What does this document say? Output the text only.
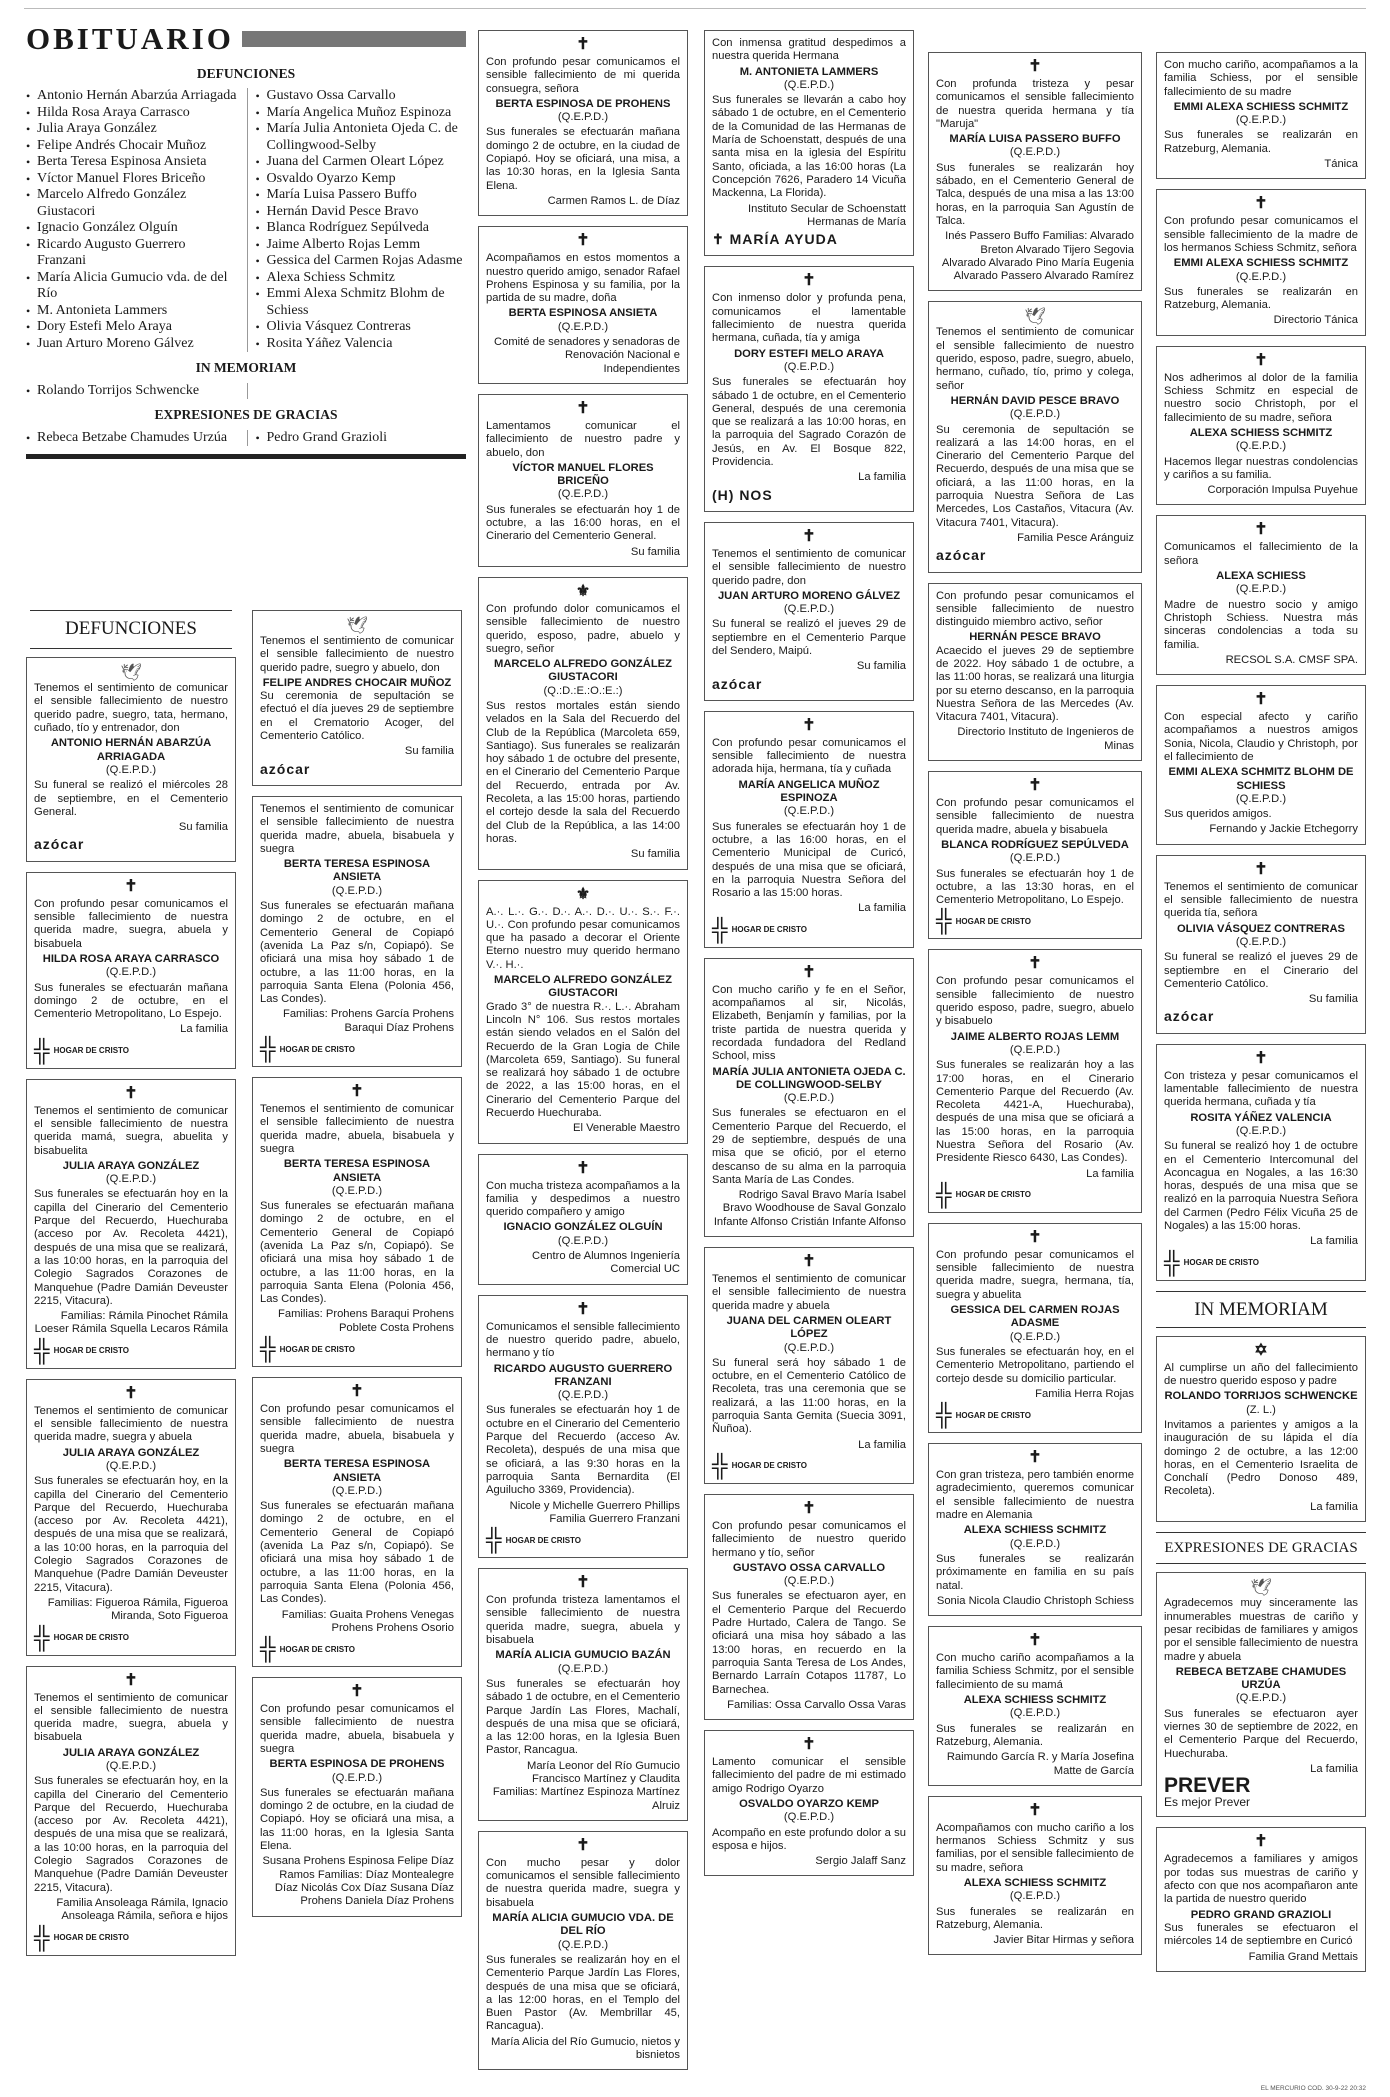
OBITUARIO
DEFUNCIONES
• Antonio Hernán Abarzúa Arriagada
• Hilda Rosa Araya Carrasco
• Julia Araya González
• Felipe Andrés Chocair Muñoz
• Berta Teresa Espinosa Ansieta
• Víctor Manuel Flores Briceño
• Marcelo Alfredo González Giustacori
• Ignacio González Olguín
• Ricardo Augusto Guerrero Franzani
• María Alicia Gumucio vda. de del Río
• M. Antonieta Lammers
• Dory Estefi Melo Araya
• Juan Arturo Moreno Gálvez
• Gustavo Ossa Carvallo
• María Angelica Muñoz Espinoza
• María Julia Antonieta Ojeda C. de Collingwood-Selby
• Juana del Carmen Oleart López
• Osvaldo Oyarzo Kemp
• María Luisa Passero Buffo
• Hernán David Pesce Bravo
• Blanca Rodríguez Sepúlveda
• Jaime Alberto Rojas Lemm
• Gessica del Carmen Rojas Adasme
• Alexa Schiess Schmitz
• Emmi Alexa Schmitz Blohm de Schiess
• Olivia Vásquez Contreras
• Rosita Yáñez Valencia
IN MEMORIAM
• Rolando Torrijos Schwencke
EXPRESIONES DE GRACIAS
• Rebeca Betzabe Chamudes Urzúa
•	Pedro Grand Grazioli
DEFUNCIONES
🕊
Tenemos el sentimiento de comunicar el sensible fallecimiento de nuestro querido padre, suegro, tata, hermano, cuñado, tío y entrenador, don
ANTONIO HERNÁN ABARZÚA ARRIAGADA
(Q.E.P.D.)
Su funeral se realizó el miércoles 28 de septiembre, en el Cementerio General.
Su familia
azócar
✝
Con profundo pesar comunicamos el sensible fallecimiento de nuestra querida madre, suegra, abuela y bisabuela
HILDA ROSA ARAYA CARRASCO
(Q.E.P.D.)
Sus funerales se efectuarán mañana domingo 2 de octubre, en el Cementerio Metropolitano, Lo Espejo.
La familia
╬ HOGAR DE CRISTO
✝
Tenemos el sentimiento de comunicar el sensible fallecimiento de nuestra querida mamá, suegra, abuelita y bisabuelita
JULIA ARAYA GONZÁLEZ
(Q.E.P.D.)
Sus funerales se efectuarán hoy en la capilla del Cinerario del Cementerio Parque del Recuerdo, Huechuraba (acceso por Av. Recoleta 4421), después de una misa que se realizará, a las 10:00 horas, en la parroquia del Colegio Sagrados Corazones de Manquehue (Padre Damián Deveuster 2215, Vitacura).
Familias: Rámila Pinochet Rámila Loeser Rámila Squella Lecaros Rámila
╬ HOGAR DE CRISTO
✝
Tenemos el sentimiento de comunicar el sensible fallecimiento de nuestra querida madre, suegra y abuela
JULIA ARAYA GONZÁLEZ
(Q.E.P.D.)
Sus funerales se efectuarán hoy, en la capilla del Cinerario del Cementerio Parque del Recuerdo, Huechuraba (acceso por Av. Recoleta 4421), después de una misa que se realizará, a las 10:00 horas, en la parroquia del Colegio Sagrados Corazones de Manquehue (Padre Damián Deveuster 2215, Vitacura).
Familias: Figueroa Rámila, Figueroa Miranda, Soto Figueroa
╬ HOGAR DE CRISTO
✝
Tenemos el sentimiento de comunicar el sensible fallecimiento de nuestra querida madre, suegra, abuela y bisabuela
JULIA ARAYA GONZÁLEZ
(Q.E.P.D.)
Sus funerales se efectuarán hoy, en la capilla del Cinerario del Cementerio Parque del Recuerdo, Huechuraba (acceso por Av. Recoleta 4421), después de una misa que se realizará, a las 10:00 horas, en la parroquia del Colegio Sagrados Corazones de Manquehue (Padre Damián Deveuster 2215, Vitacura).
Familia Ansoleaga Rámila, Ignacio Ansoleaga Rámila, señora e hijos
╬ HOGAR DE CRISTO
🕊
Tenemos el sentimiento de comunicar el sensible fallecimiento de nuestro querido padre, suegro y abuelo, don
FELIPE ANDRES CHOCAIR MUÑOZ
Su ceremonia de sepultación se efectuó el día jueves 29 de septiembre en el Crematorio Acoger, del Cementerio Católico.
Su familia
azócar
Tenemos el sentimiento de comunicar el sensible fallecimiento de nuestra querida madre, abuela, bisabuela y suegra
BERTA TERESA ESPINOSA ANSIETA
(Q.E.P.D.)
Sus funerales se efectuarán mañana domingo 2 de octubre, en el Cementerio General de Copiapó (avenida La Paz s/n, Copiapó). Se oficiará una misa hoy sábado 1 de octubre, a las 11:00 horas, en la parroquia Santa Elena (Polonia 456, Las Condes).
Familias: Prohens García Prohens Baraqui Díaz Prohens
╬ HOGAR DE CRISTO
✝
Tenemos el sentimiento de comunicar el sensible fallecimiento de nuestra querida madre, abuela, bisabuela y suegra
BERTA TERESA ESPINOSA ANSIETA
(Q.E.P.D.)
Sus funerales se efectuarán mañana domingo 2 de octubre, en el Cementerio General de Copiapó (avenida La Paz s/n, Copiapó). Se oficiará una misa hoy sábado 1 de octubre, a las 11:00 horas, en la parroquia Santa Elena (Polonia 456, Las Condes).
Familias: Prohens Baraqui Prohens Poblete Costa Prohens
╬ HOGAR DE CRISTO
✝
Con profundo pesar comunicamos el sensible fallecimiento de nuestra querida madre, abuela, bisabuela y suegra
BERTA TERESA ESPINOSA ANSIETA
(Q.E.P.D.)
Sus funerales se efectuarán mañana domingo 2 de octubre, en el Cementerio General de Copiapó (avenida La Paz s/n, Copiapó). Se oficiará una misa hoy sábado 1 de octubre, a las 11:00 horas, en la parroquia Santa Elena (Polonia 456, Las Condes).
Familias: Guaita Prohens Venegas Prohens Prohens Osorio
╬ HOGAR DE CRISTO
✝
Con profundo pesar comunicamos el sensible fallecimiento de nuestra querida madre, abuela, bisabuela y suegra
BERTA ESPINOSA DE PROHENS
(Q.E.P.D.)
Sus funerales se efectuarán mañana domingo 2 de octubre, en la ciudad de Copiapó. Hoy se oficiará una misa, a las 11:00 horas, en la Iglesia Santa Elena.
Susana Prohens Espinosa Felipe Díaz Ramos Familias: Díaz Montealegre Díaz Nicolás Cox Díaz Susana Díaz Prohens Daniela Díaz Prohens
✝
Con profundo pesar comunicamos el sensible fallecimiento de mi querida consuegra, señora
BERTA ESPINOSA DE PROHENS
(Q.E.P.D.)
Sus funerales se efectuarán mañana domingo 2 de octubre, en la ciudad de Copiapó. Hoy se oficiará, una misa, a las 10:30 horas, en la Iglesia Santa Elena.
Carmen Ramos L. de Díaz
✝
Acompañamos en estos momentos a nuestro querido amigo, senador Rafael Prohens Espinosa y su familia, por la partida de su madre, doña
BERTA ESPINOSA ANSIETA
(Q.E.P.D.)
Comité de senadores y senadoras de Renovación Nacional e Independientes
✝
Lamentamos comunicar el fallecimiento de nuestro padre y abuelo, don
VÍCTOR MANUEL FLORES BRICEÑO
(Q.E.P.D.)
Sus funerales se efectuarán hoy 1 de octubre, a las 16:00 horas, en el Cinerario del Cementerio General.
Su familia
⚜
Con profundo dolor comunicamos el sensible fallecimiento de nuestro querido, esposo, padre, abuelo y suegro, señor
MARCELO ALFREDO GONZÁLEZ GIUSTACORI
(Q.:D.:E.:O.:E.:)
Sus restos mortales están siendo velados en la Sala del Recuerdo del Club de la República (Marcoleta 659, Santiago). Sus funerales se realizarán hoy sábado 1 de octubre del presente, en el Cinerario del Cementerio Parque del Recuerdo, entrada por Av. Recoleta, a las 15:00 horas, partiendo el cortejo desde la sala del Recuerdo del Club de la República, a las 14:00 horas.
Su familia
⚜
A.·. L.·. G.·. D.·. A.·. D.·. U.·. S.·. F.·. U.·. Con profundo pesar comunicamos que ha pasado a decorar el Oriente Eterno nuestro muy querido hermano V.·. H.·.
MARCELO ALFREDO GONZÁLEZ GIUSTACORI
Grado 3° de nuestra R.·. L.·. Abraham Lincoln N° 106. Sus restos mortales están siendo velados en el Salón del Recuerdo de la Gran Logia de Chile (Marcoleta 659, Santiago). Su funeral se realizará hoy sábado 1 de octubre de 2022, a las 15:00 horas, en el Cinerario del Cementerio Parque del Recuerdo Huechuraba.
El Venerable Maestro
✝
Con mucha tristeza acompañamos a la familia y despedimos a nuestro querido compañero y amigo
IGNACIO GONZÁLEZ OLGUÍN
(Q.E.P.D.)
Centro de Alumnos Ingeniería Comercial UC
✝
Comunicamos el sensible fallecimiento de nuestro querido padre, abuelo, hermano y tío
RICARDO AUGUSTO GUERRERO FRANZANI
(Q.E.P.D.)
Sus funerales se efectuarán hoy 1 de octubre en el Cinerario del Cementerio Parque del Recuerdo (acceso Av. Recoleta), después de una misa que se oficiará, a las 9:30 horas en la parroquia Santa Bernardita (El Aguilucho 3369, Providencia).
Nicole y Michelle Guerrero Phillips Familia Guerrero Franzani
╬ HOGAR DE CRISTO
✝
Con profunda tristeza lamentamos el sensible fallecimiento de nuestra querida madre, suegra, abuela y bisabuela
MARÍA ALICIA GUMUCIO BAZÁN
(Q.E.P.D.)
Sus funerales se efectuarán hoy sábado 1 de octubre, en el Cementerio Parque Jardín Las Flores, Machalí, después de una misa que se oficiará, a las 12:00 horas, en la Iglesia Buen Pastor, Rancagua.
María Leonor del Río Gumucio Francisco Martínez y Claudita Familias: Martínez Espinoza Martínez Alruiz
✝
Con mucho pesar y dolor comunicamos el sensible fallecimiento de nuestra querida madre, suegra y bisabuela
MARÍA ALICIA GUMUCIO VDA. DE DEL RÍO
(Q.E.P.D.)
Sus funerales se realizarán hoy en el Cementerio Parque Jardín Las Flores, después de una misa que se oficiará, a las 12:00 horas, en el Templo del Buen Pastor (Av. Membrillar 45, Rancagua).
María Alicia del Río Gumucio, nietos y bisnietos
Con inmensa gratitud despedimos a nuestra querida Hermana
M. ANTONIETA LAMMERS
(Q.E.P.D.)
Sus funerales se llevarán a cabo hoy sábado 1 de octubre, en el Cementerio de la Comunidad de las Hermanas de María de Schoenstatt, después de una santa misa en la iglesia del Espíritu Santo, oficiada, a las 16:00 horas (La Concepción 7626, Paradero 14 Vicuña Mackenna, La Florida).
Instituto Secular de Schoenstatt Hermanas de María
✝ MARÍA AYUDA
✝
Con inmenso dolor y profunda pena, comunicamos el lamentable fallecimiento de nuestra querida hermana, cuñada, tía y amiga
DORY ESTEFI MELO ARAYA
(Q.E.P.D.)
Sus funerales se efectuarán hoy sábado 1 de octubre, en el Cementerio General, después de una ceremonia que se realizará a las 10:00 horas, en la parroquia del Sagrado Corazón de Jesús, en Av. El Bosque 822, Providencia.
La familia
(H) NOS
✝
Tenemos el sentimiento de comunicar el sensible fallecimiento de nuestro querido padre, don
JUAN ARTURO MORENO GÁLVEZ
(Q.E.P.D.)
Su funeral se realizó el jueves 29 de septiembre en el Cementerio Parque del Sendero, Maipú.
Su familia
azócar
✝
Con profundo pesar comunicamos el sensible fallecimiento de nuestra adorada hija, hermana, tía y cuñada
MARÍA ANGELICA MUÑOZ ESPINOZA
(Q.E.P.D.)
Sus funerales se efectuarán hoy 1 de octubre, a las 16:00 horas, en el Cementerio Municipal de Curicó, después de una misa que se oficiará, en la parroquia Nuestra Señora del Rosario a las 15:00 horas.
La familia
╬ HOGAR DE CRISTO
✝
Con mucho cariño y fe en el Señor, acompañamos al sir, Nicolás, Elizabeth, Benjamín y familias, por la triste partida de nuestra querida y recordada fundadora del Redland School, miss
MARÍA JULIA ANTONIETA OJEDA C. DE COLLINGWOOD-SELBY
(Q.E.P.D.)
Sus funerales se efectuaron en el Cementerio Parque del Recuerdo, el 29 de septiembre, después de una misa que se ofició, por el eterno descanso de su alma en la parroquia Santa María de Las Condes.
Rodrigo Saval Bravo María Isabel Bravo Woodhouse de Saval Gonzalo Infante Alfonso Cristián Infante Alfonso
✝
Tenemos el sentimiento de comunicar el sensible fallecimiento de nuestra querida madre y abuela
JUANA DEL CARMEN OLEART LÓPEZ
(Q.E.P.D.)
Su funeral será hoy sábado 1 de octubre, en el Cementerio Católico de Recoleta, tras una ceremonia que se realizará, a las 11:00 horas, en la parroquia Santa Gemita (Suecia 3091, Ñuñoa).
La familia
╬ HOGAR DE CRISTO
✝
Con profundo pesar comunicamos el fallecimiento de nuestro querido hermano y tío, señor
GUSTAVO OSSA CARVALLO
(Q.E.P.D.)
Sus funerales se efectuaron ayer, en el Cementerio Parque del Recuerdo Padre Hurtado, Calera de Tango. Se oficiará una misa hoy sábado a las 13:00 horas, en recuerdo en la parroquia Santa Teresa de Los Andes, Bernardo Larraín Cotapos 11787, Lo Barnechea.
Familias: Ossa Carvallo Ossa Varas
✝
Lamento comunicar el sensible fallecimiento del padre de mi estimado amigo Rodrigo Oyarzo
OSVALDO OYARZO KEMP
(Q.E.P.D.)
Acompaño en este profundo dolor a su esposa e hijos.
Sergio Jalaff Sanz
✝
Con profunda tristeza y pesar comunicamos el sensible fallecimiento de nuestra querida hermana y tía "Maruja"
MARÍA LUISA PASSERO BUFFO
(Q.E.P.D.)
Sus funerales se realizarán hoy sábado, en el Cementerio General de Talca, después de una misa a las 13:00 horas, en la parroquia San Agustín de Talca.
Inés Passero Buffo Familias: Alvarado Breton Alvarado Tijero Segovia Alvarado Alvarado Pino María Eugenia Alvarado Passero Alvarado Ramírez
🕊
Tenemos el sentimiento de comunicar el sensible fallecimiento de nuestro querido, esposo, padre, suegro, abuelo, hermano, cuñado, tío, primo y colega, señor
HERNÁN DAVID PESCE BRAVO
(Q.E.P.D.)
Su ceremonia de sepultación se realizará a las 14:00 horas, en el Cinerario del Cementerio Parque del Recuerdo, después de una misa que se oficiará, a las 11:00 horas, en la parroquia Nuestra Señora de Las Mercedes, Los Castaños, Vitacura (Av. Vitacura 7401, Vitacura).
Familia Pesce Aránguiz
azócar
Con profundo pesar comunicamos el sensible fallecimiento de nuestro distinguido miembro activo, señor
HERNÁN PESCE BRAVO
Acaecido el jueves 29 de septiembre de 2022. Hoy sábado 1 de octubre, a las 11:00 horas, se realizará una liturgia por su eterno descanso, en la parroquia Nuestra Señora de las Mercedes (Av. Vitacura 7401, Vitacura).
Directorio Instituto de Ingenieros de Minas
✝
Con profundo pesar comunicamos el sensible fallecimiento de nuestra querida madre, abuela y bisabuela
BLANCA RODRÍGUEZ SEPÚLVEDA
(Q.E.P.D.)
Sus funerales se efectuarán hoy 1 de octubre, a las 13:30 horas, en el Cementerio Metropolitano, Lo Espejo.
╬ HOGAR DE CRISTO
✝
Con profundo pesar comunicamos el sensible fallecimiento de nuestro querido esposo, padre, suegro, abuelo y bisabuelo
JAIME ALBERTO ROJAS LEMM
(Q.E.P.D.)
Sus funerales se realizarán hoy a las 17:00 horas, en el Cinerario Cementerio Parque del Recuerdo (Av. Recoleta 4421-A, Huechuraba), después de una misa que se oficiará a las 15:00 horas, en la parroquia Nuestra Señora del Rosario (Av. Presidente Riesco 6430, Las Condes).
La familia
╬ HOGAR DE CRISTO
✝
Con profundo pesar comunicamos el sensible fallecimiento de nuestra querida madre, suegra, hermana, tía, suegra y abuelita
GESSICA DEL CARMEN ROJAS ADASME
(Q.E.P.D.)
Sus funerales se efectuarán hoy, en el Cementerio Metropolitano, partiendo el cortejo desde su domicilio particular.
Familia Herra Rojas
╬ HOGAR DE CRISTO
✝
Con gran tristeza, pero también enorme agradecimiento, queremos comunicar el sensible fallecimiento de nuestra madre en Alemania
ALEXA SCHIESS SCHMITZ
(Q.E.P.D.)
Sus funerales se realizarán próximamente en familia en su país natal.
Sonia Nicola Claudio Christoph Schiess
✝
Con mucho cariño acompañamos a la familia Schiess Schmitz, por el sensible fallecimiento de su mamá
ALEXA SCHIESS SCHMITZ
(Q.E.P.D.)
Sus funerales se realizarán en Ratzeburg, Alemania.
Raimundo García R. y María Josefina Matte de García
✝
Acompañamos con mucho cariño a los hermanos Schiess Schmitz y sus familias, por el sensible fallecimiento de su madre, señora
ALEXA SCHIESS SCHMITZ
(Q.E.P.D.)
Sus funerales se realizarán en Ratzeburg, Alemania.
Javier Bitar Hirmas y señora
Con mucho cariño, acompañamos a la familia Schiess, por el sensible fallecimiento de su madre
EMMI ALEXA SCHIESS SCHMITZ
(Q.E.P.D.)
Sus funerales se realizarán en Ratzeburg, Alemania.
Tánica
✝
Con profundo pesar comunicamos el sensible fallecimiento de la madre de los hermanos Schiess Schmitz, señora
EMMI ALEXA SCHIESS SCHMITZ
(Q.E.P.D.)
Sus funerales se realizarán en Ratzeburg, Alemania.
Directorio Tánica
✝
Nos adherimos al dolor de la familia Schiess Schmitz en especial de nuestro socio Christoph, por el fallecimiento de su madre, señora
ALEXA SCHIESS SCHMITZ
(Q.E.P.D.)
Hacemos llegar nuestras condolencias y cariños a su familia.
Corporación Impulsa Puyehue
✝
Comunicamos el fallecimiento de la señora
ALEXA SCHIESS
(Q.E.P.D.)
Madre de nuestro socio y amigo Christoph Schiess. Nuestra más sinceras condolencias a toda su familia.
RECSOL S.A. CMSF SPA.
✝
Con especial afecto y cariño acompañamos a nuestros amigos Sonia, Nicola, Claudio y Christoph, por el fallecimiento de
EMMI ALEXA SCHMITZ BLOHM DE SCHIESS
(Q.E.P.D.)
Sus queridos amigos.
Fernando y Jackie Etchegorry
✝
Tenemos el sentimiento de comunicar el sensible fallecimiento de nuestra querida tía, señora
OLIVIA VÁSQUEZ CONTRERAS
(Q.E.P.D.)
Su funeral se realizó el jueves 29 de septiembre en el Cinerario del Cementerio Católico.
Su familia
azócar
✝
Con tristeza y pesar comunicamos el lamentable fallecimiento de nuestra querida hermana, cuñada y tía
ROSITA YÁÑEZ VALENCIA
(Q.E.P.D.)
Su funeral se realizó hoy 1 de octubre en el Cementerio Intercomunal del Aconcagua en Nogales, a las 16:30 horas, después de una misa que se realizó en la parroquia Nuestra Señora del Carmen (Pedro Félix Vicuña 25 de Nogales) a las 15:00 horas.
La familia
╬ HOGAR DE CRISTO
IN MEMORIAM
✡
Al cumplirse un año del fallecimiento de nuestro querido esposo y padre
ROLANDO TORRIJOS SCHWENCKE
(Z. L.)
Invitamos a parientes y amigos a la inauguración de su lápida el día domingo 2 de octubre, a las 12:00 horas, en el Cementerio Israelita de Conchalí (Pedro Donoso 489, Recoleta).
La familia
EXPRESIONES DE GRACIAS
🕊
Agradecemos muy sinceramente las innumerables muestras de cariño y pesar recibidas de familiares y amigos por el sensible fallecimiento de nuestra madre y abuela
REBECA BETZABE CHAMUDES URZÚA
(Q.E.P.D.)
Sus funerales se efectuaron ayer viernes 30 de septiembre de 2022, en el Cementerio Parque del Recuerdo, Huechuraba.
La familia
PREVER
Es mejor Prever
✝
Agradecemos a familiares y amigos por todas sus muestras de cariño y afecto con que nos acompañaron ante la partida de nuestro querido
PEDRO GRAND GRAZIOLI
Sus funerales se efectuaron el miércoles 14 de septiembre en Curicó
Familia Grand Mettais
EL MERCURIO COD. 30-9-22 20:32
